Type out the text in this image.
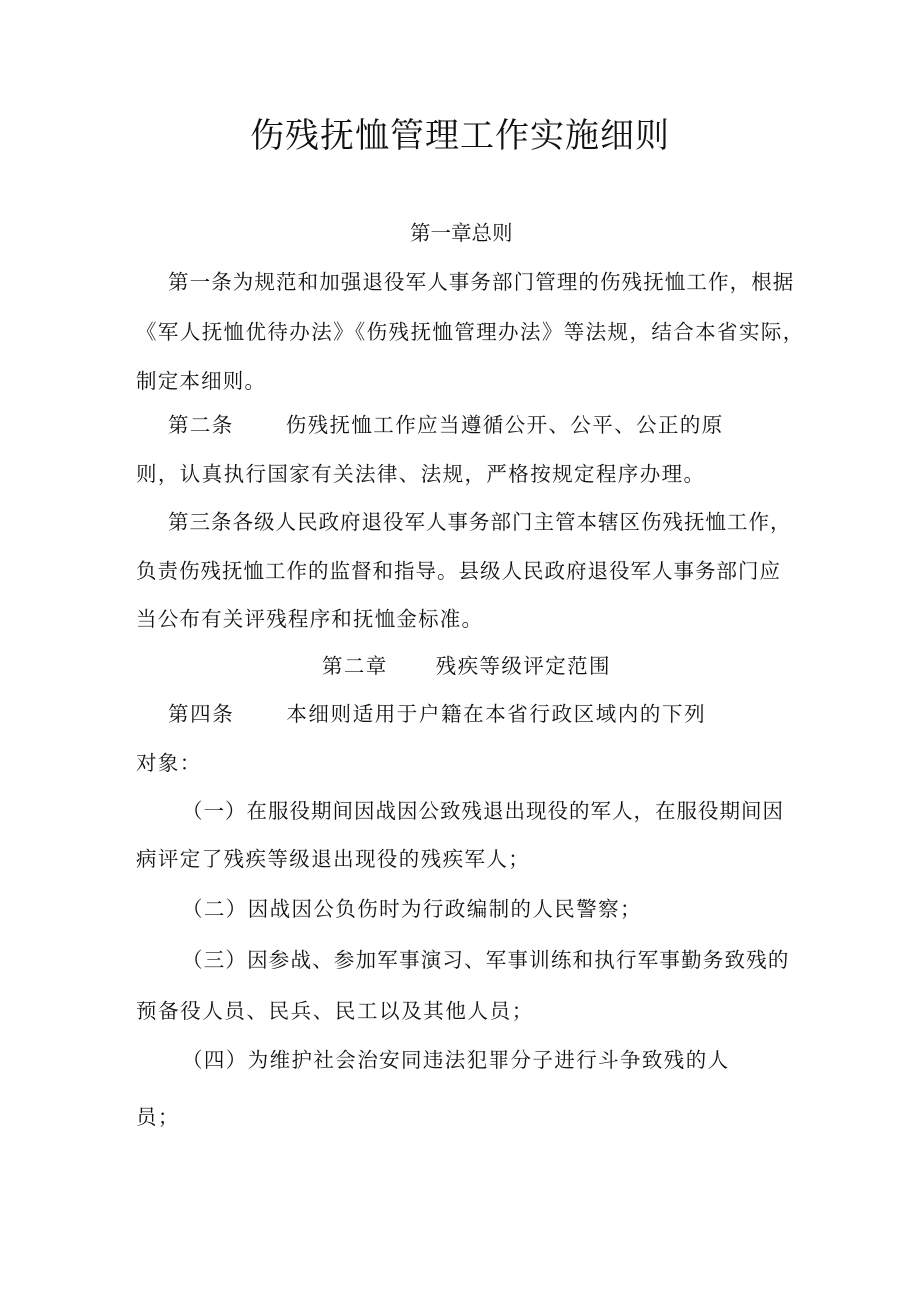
伤残抚恤管理工作实施细则
第一章总则
第一条为规范和加强退役军人事务部门管理的伤残抚恤工作，根据
《军人抚恤优待办法》《伤残抚恤管理办法》等法规，结合本省实际，
制定本细则。
第二条	伤残抚恤工作应当遵循公开、公平、公正的原
则，认真执行国家有关法律、法规，严格按规定程序办理。
第三条各级人民政府退役军人事务部门主管本辖区伤残抚恤工作，
负责伤残抚恤工作的监督和指导。县级人民政府退役军人事务部门应
当公布有关评残程序和抚恤金标准。
第二章 残疾等级评定范围
第四条	本细则适用于户籍在本省行政区域内的下列
对象：
（一）在服役期间因战因公致残退出现役的军人，在服役期间因
病评定了残疾等级退出现役的残疾军人；
（二）因战因公负伤时为行政编制的人民警察；
（三）因参战、参加军事演习、军事训练和执行军事勤务致残的
预备役人员、民兵、民工以及其他人员；
（四）为维护社会治安同违法犯罪分子进行斗争致残的人
员；
